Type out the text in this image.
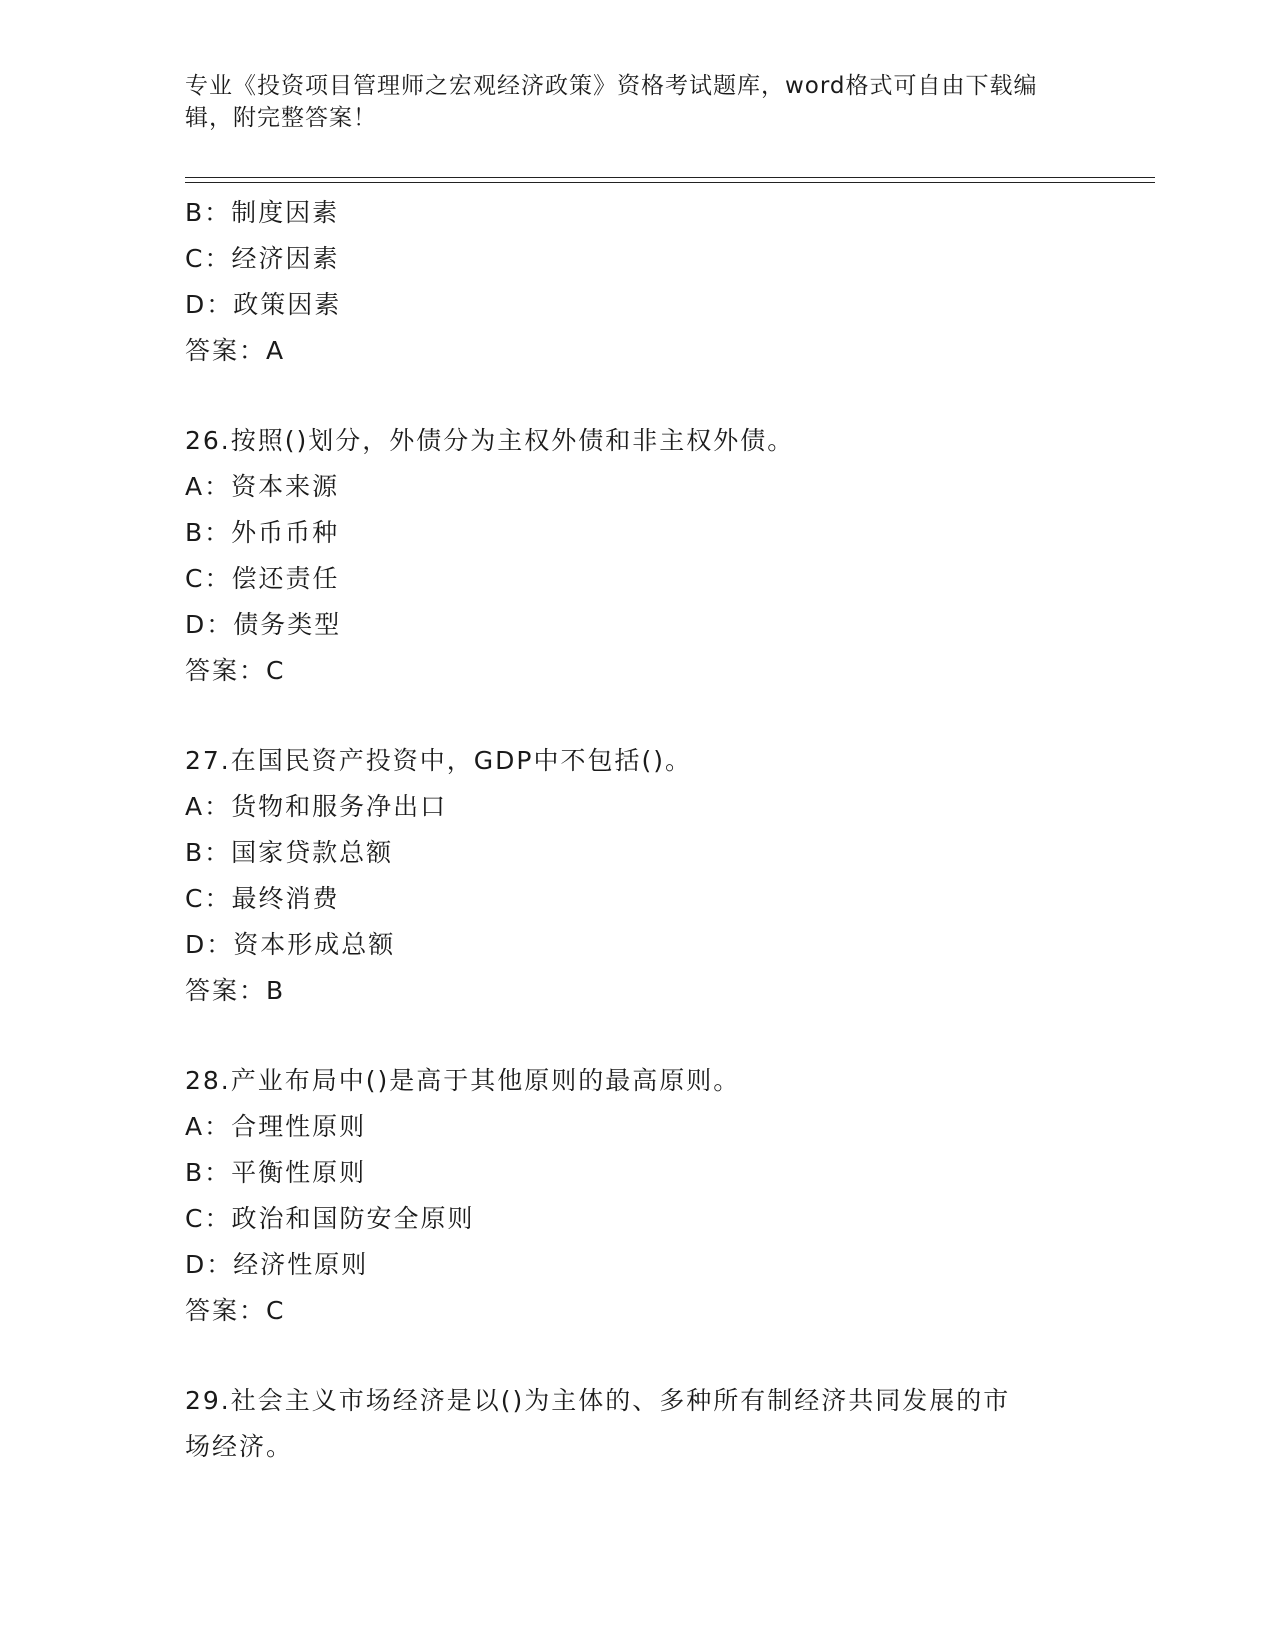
专业《投资项目管理师之宏观经济政策》资格考试题库，word格式可自由下载编
辑，附完整答案！
B：制度因素
C：经济因素
D：政策因素
答案：A
26.按照()划分，外债分为主权外债和非主权外债。
A：资本来源
B：外币币种
C：偿还责任
D：债务类型
答案：C
27.在国民资产投资中，GDP中不包括()。
A：货物和服务净出口
B：国家贷款总额
C：最终消费
D：资本形成总额
答案：B
28.产业布局中()是高于其他原则的最高原则。
A：合理性原则
B：平衡性原则
C：政治和国防安全原则
D：经济性原则
答案：C
29.社会主义市场经济是以()为主体的、多种所有制经济共同发展的市
场经济。
